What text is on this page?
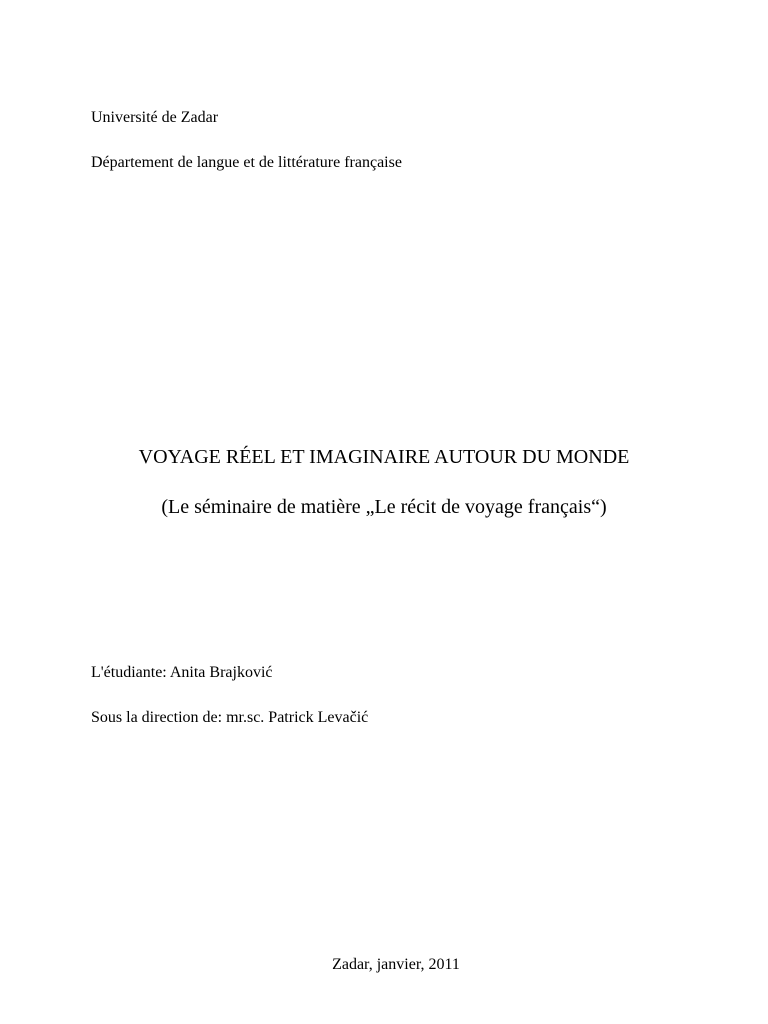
Université de Zadar
Département de langue et de littérature française
VOYAGE RÉEL ET IMAGINAIRE AUTOUR DU MONDE
(Le séminaire de matière „Le récit de voyage français“)
L'étudiante: Anita Brajković
Sous la direction de: mr.sc. Patrick Levačić
Zadar, janvier, 2011
